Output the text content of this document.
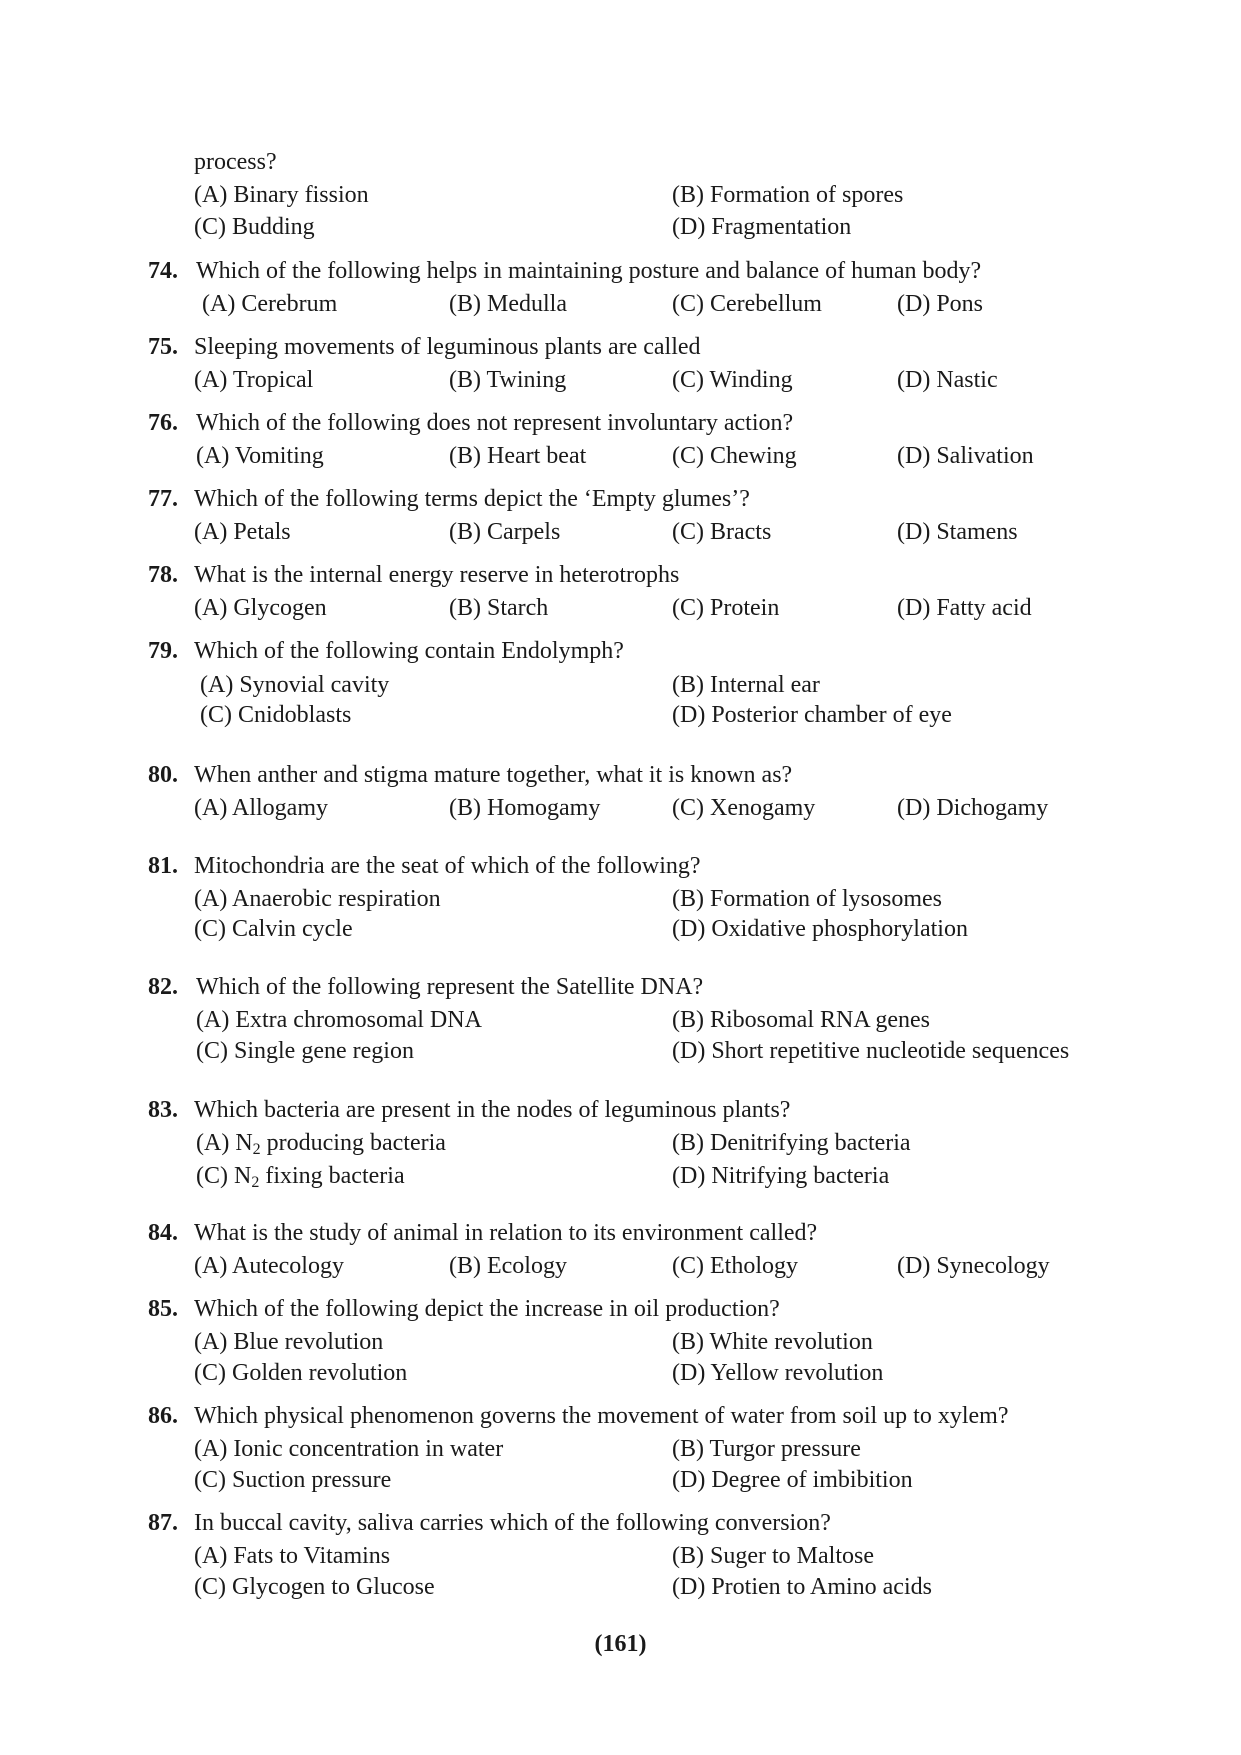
process?
(A) Binary fission	(B) Formation of spores
(C) Budding	(D) Fragmentation
74. Which of the following helps in maintaining posture and balance of human body?
(A) Cerebrum	(B) Medulla	(C) Cerebellum	(D) Pons
75. Sleeping movements of leguminous plants are called
(A) Tropical	(B) Twining	(C) Winding	(D) Nastic
76. Which of the following does not represent involuntary action?
(A) Vomiting	(B) Heart beat	(C) Chewing	(D) Salivation
77. Which of the following terms depict the ‘Empty glumes’?
(A) Petals	(B) Carpels	(C) Bracts	(D) Stamens
78. What is the internal energy reserve in heterotrophs
(A) Glycogen	(B) Starch	(C) Protein	(D) Fatty acid
79. Which of the following contain Endolymph?
(A) Synovial cavity	(B) Internal ear
(C) Cnidoblasts	(D) Posterior chamber of eye
80. When anther and stigma mature together, what it is known as?
(A) Allogamy	(B) Homogamy	(C) Xenogamy	(D) Dichogamy
81. Mitochondria are the seat of which of the following?
(A) Anaerobic respiration	(B) Formation of lysosomes
(C) Calvin cycle	(D) Oxidative phosphorylation
82. Which of the following represent the Satellite DNA?
(A) Extra chromosomal DNA	(B) Ribosomal RNA genes
(C) Single gene region	(D) Short repetitive nucleotide sequences
83. Which bacteria are present in the nodes of leguminous plants?
(A) $N_2$ producing bacteria	(B) Denitrifying bacteria
(C) $N_2$ fixing bacteria	(D) Nitrifying bacteria
84. What is the study of animal in relation to its environment called?
(A) Autecology	(B) Ecology	(C) Ethology	(D) Synecology
85. Which of the following depict the increase in oil production?
(A) Blue revolution	(B) White revolution
(C) Golden revolution	(D) Yellow revolution
86. Which physical phenomenon governs the movement of water from soil up to xylem?
(A) Ionic concentration in water	(B) Turgor pressure
(C) Suction pressure	(D) Degree of imbibition
87. In buccal cavity, saliva carries which of the following conversion?
(A) Fats to Vitamins	(B) Suger to Maltose
(C) Glycogen to Glucose	(D) Protien to Amino acids
(161)
